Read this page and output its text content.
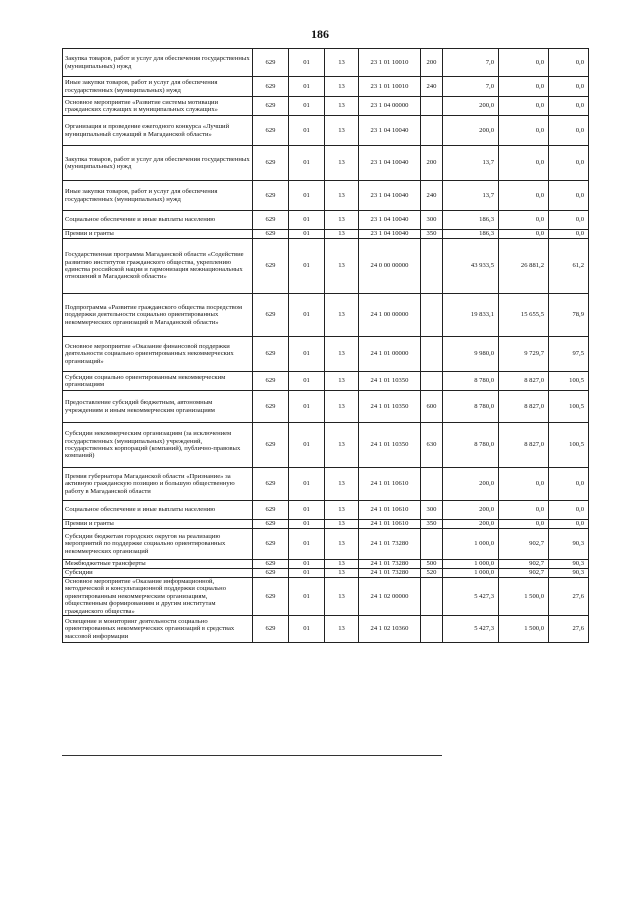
186
Закупка товаров, работ и услуг для обеспечения государственных (муниципальных) нужд	629	01	13	23 1 01 10010	200	7,0	0,0	0,0
Иные закупки товаров, работ и услуг для обеспечения государственных (муниципальных) нужд	629	01	13	23 1 01 10010	240	7,0	0,0	0,0
Основное мероприятие «Развитие системы мотивации гражданских служащих и муниципальных служащих»	629	01	13	23 1 04 00000		200,0	0,0	0,0
Организация и проведение ежегодного конкурса «Лучший муниципальный служащий в Магаданской области»	629	01	13	23 1 04 10040		200,0	0,0	0,0
Закупка товаров, работ и услуг для обеспечения государственных (муниципальных) нужд	629	01	13	23 1 04 10040	200	13,7	0,0	0,0
Иные закупки товаров, работ и услуг для обеспечения государственных (муниципальных) нужд	629	01	13	23 1 04 10040	240	13,7	0,0	0,0
Социальное обеспечение и иные выплаты населению	629	01	13	23 1 04 10040	300	186,3	0,0	0,0
Премии и гранты	629	01	13	23 1 04 10040	350	186,3	0,0	0,0
Государственная программа Магаданской области «Содействие развитию институтов гражданского общества, укреплению единства российской нации и гармонизация межнациональных отношений в Магаданской области»	629	01	13	24 0 00 00000		43 933,5	26 881,2	61,2
Подпрограмма «Развитие гражданского общества посредством поддержки деятельности социально ориентированных некоммерческих организаций в Магаданской области»	629	01	13	24 1 00 00000		19 833,1	15 655,5	78,9
Основное мероприятие «Оказание финансовой поддержки деятельности социально ориентированных некоммерческих организаций»	629	01	13	24 1 01 00000		9 980,0	9 729,7	97,5
Субсидии социально ориентированным некоммерческим организациям	629	01	13	24 1 01 10350		8 780,0	8 827,0	100,5
Предоставление субсидий бюджетным, автономным учреждениям и иным некоммерческим организациям	629	01	13	24 1 01 10350	600	8 780,0	8 827,0	100,5
Субсидии некоммерческим организациям (за исключением государственных (муниципальных) учреждений, государственных корпораций (компаний), публично-правовых компаний)	629	01	13	24 1 01 10350	630	8 780,0	8 827,0	100,5
Премия губернатора Магаданской области «Признание» за активную гражданскую позицию и большую общественную работу в Магаданской области	629	01	13	24 1 01 10610		200,0	0,0	0,0
Социальное обеспечение и иные выплаты населению	629	01	13	24 1 01 10610	300	200,0	0,0	0,0
Премии и гранты	629	01	13	24 1 01 10610	350	200,0	0,0	0,0
Субсидии бюджетам городских округов на реализацию мероприятий по поддержке социально ориентированных некоммерческих организаций	629	01	13	24 1 01 73280		1 000,0	902,7	90,3
Межбюджетные трансферты	629	01	13	24 1 01 73280	500	1 000,0	902,7	90,3
Субсидии	629	01	13	24 1 01 73280	520	1 000,0	902,7	90,3
Основное мероприятие «Оказание информационной, методической и консультационной поддержки социально ориентированным некоммерческим организациям, общественным формированиям и другим институтам гражданского общества»	629	01	13	24 1 02 00000		5 427,3	1 500,0	27,6
Освещение и мониторинг деятельности социально ориентированных некоммерческих организаций в средствах массовой информации	629	01	13	24 1 02 10360		5 427,3	1 500,0	27,6
